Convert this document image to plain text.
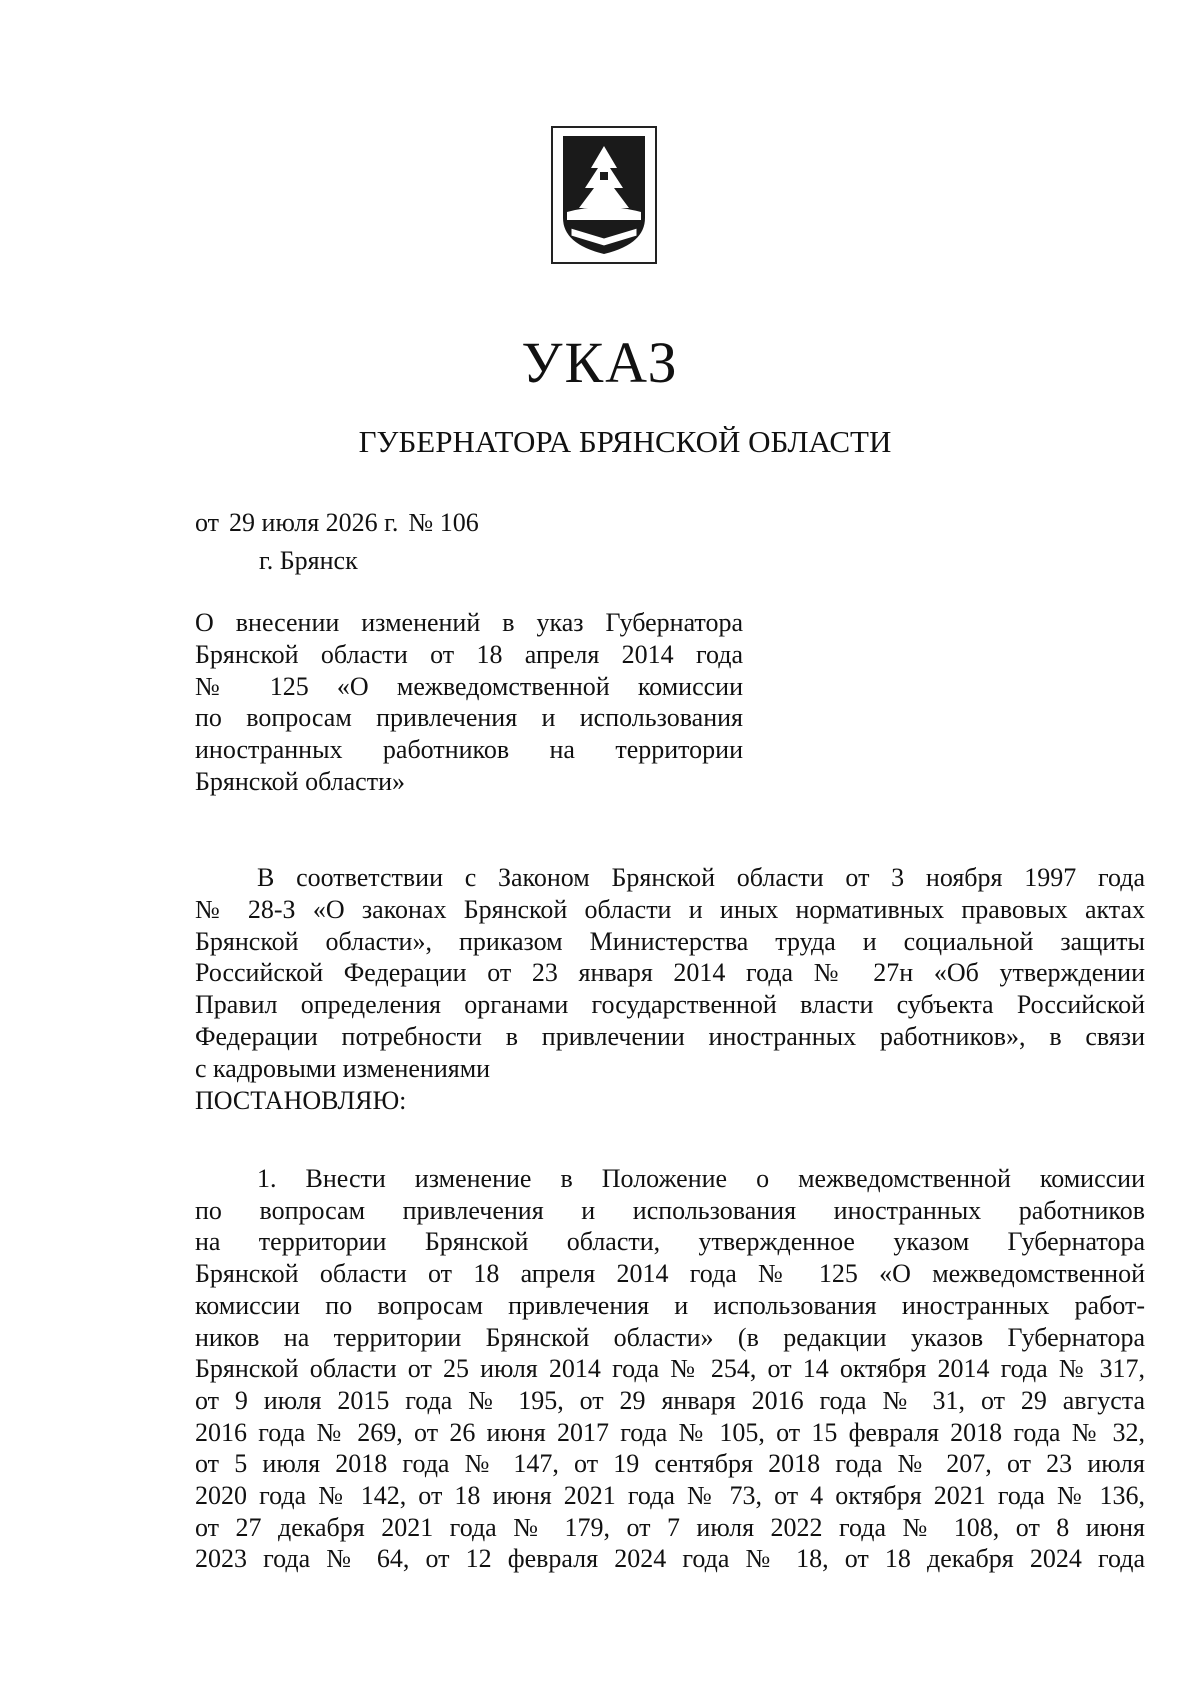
УКАЗ
ГУБЕРНАТОРА БРЯНСКОЙ ОБЛАСТИ
от 29 июля 2026 г. № 106
г. Брянск
О внесении изменений в указ Губернатора
Брянской области от 18 апреля 2014 года
№ 125 «О межведомственной комиссии
по вопросам привлечения и использования
иностранных работников на территории
Брянской области»
В соответствии с Законом Брянской области от 3 ноября 1997 года
№ 28-З «О законах Брянской области и иных нормативных правовых актах
Брянской области», приказом Министерства труда и социальной защиты
Российской Федерации от 23 января 2014 года № 27н «Об утверждении
Правил определения органами государственной власти субъекта Российской
Федерации потребности в привлечении иностранных работников», в связи
с кадровыми изменениями
ПОСТАНОВЛЯЮ:
1. Внести изменение в Положение о межведомственной комиссии
по вопросам привлечения и использования иностранных работников
на территории Брянской области, утвержденное указом Губернатора
Брянской области от 18 апреля 2014 года № 125 «О межведомственной
комиссии по вопросам привлечения и использования иностранных работ-
ников на территории Брянской области» (в редакции указов Губернатора
Брянской области от 25 июля 2014 года № 254, от 14 октября 2014 года № 317,
от 9 июля 2015 года № 195, от 29 января 2016 года № 31, от 29 августа
2016 года № 269, от 26 июня 2017 года № 105, от 15 февраля 2018 года № 32,
от 5 июля 2018 года № 147, от 19 сентября 2018 года № 207, от 23 июля
2020 года № 142, от 18 июня 2021 года № 73, от 4 октября 2021 года № 136,
от 27 декабря 2021 года № 179, от 7 июля 2022 года № 108, от 8 июня
2023 года № 64, от 12 февраля 2024 года № 18, от 18 декабря 2024 года
